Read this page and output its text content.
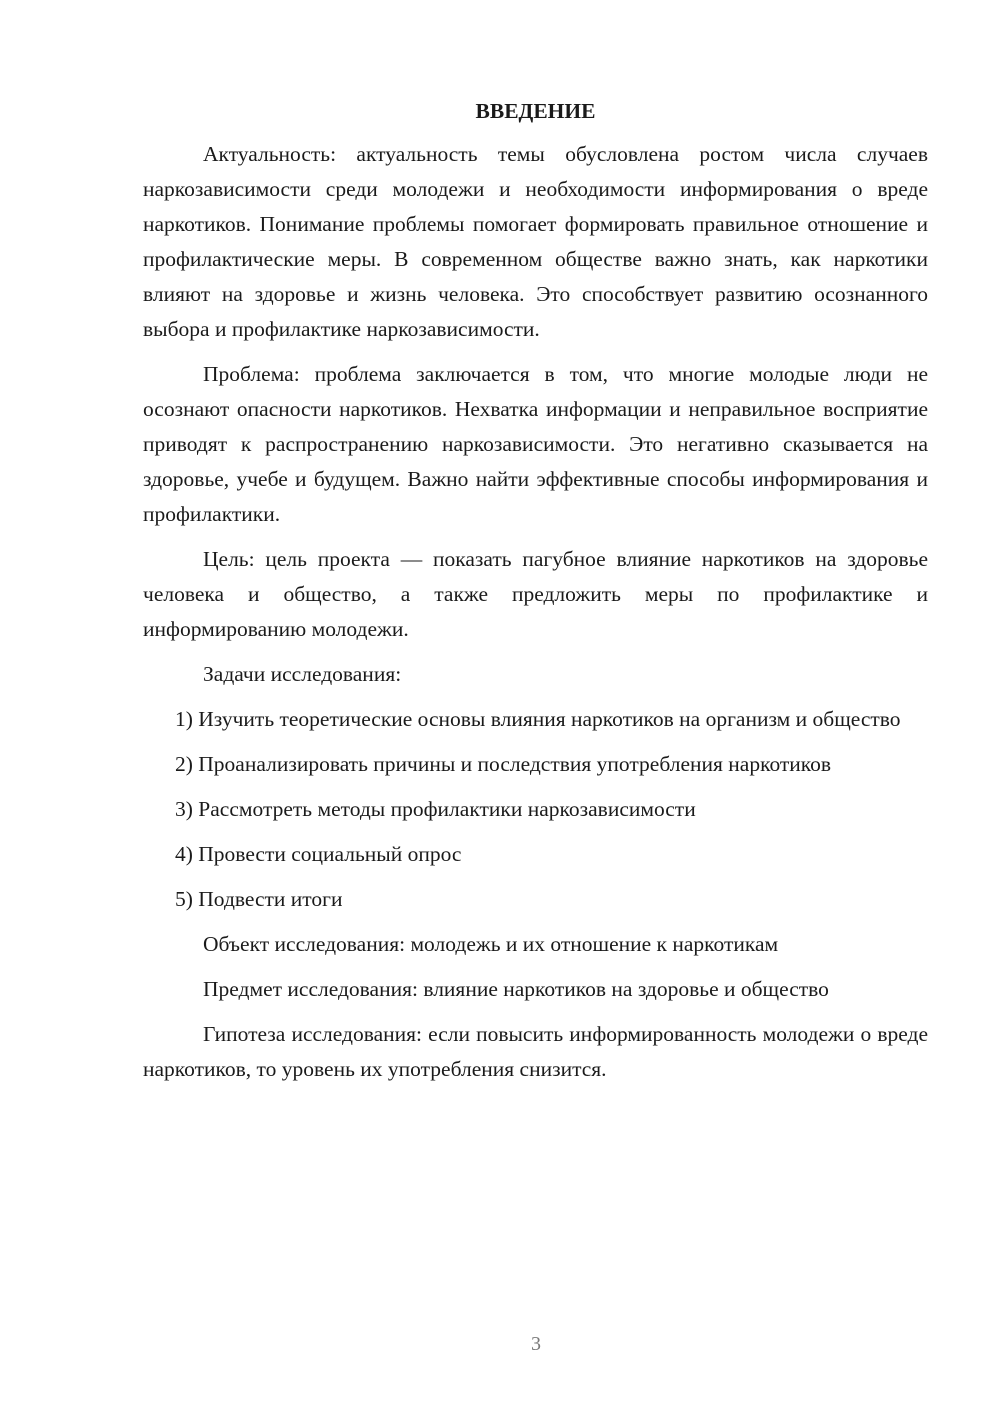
ВВЕДЕНИЕ

Актуальность: актуальность темы обусловлена ростом числа случаев наркозависимости среди молодежи и необходимости информирования о вреде наркотиков. Понимание проблемы помогает формировать правильное отношение и профилактические меры. В современном обществе важно знать, как наркотики влияют на здоровье и жизнь человека. Это способствует развитию осознанного выбора и профилактике наркозависимости.

Проблема: проблема заключается в том, что многие молодые люди не осознают опасности наркотиков. Нехватка информации и неправильное восприятие приводят к распространению наркозависимости. Это негативно сказывается на здоровье, учебе и будущем. Важно найти эффективные способы информирования и профилактики.

Цель: цель проекта — показать пагубное влияние наркотиков на здоровье человека и общество, а также предложить меры по профилактике и информированию молодежи.

Задачи исследования:

1) Изучить теоретические основы влияния наркотиков на организм и общество

2) Проанализировать причины и последствия употребления наркотиков

3) Рассмотреть методы профилактики наркозависимости

4) Провести социальный опрос

5) Подвести итоги

Объект исследования: молодежь и их отношение к наркотикам

Предмет исследования: влияние наркотиков на здоровье и общество

Гипотеза исследования: если повысить информированность молодежи о вреде наркотиков, то уровень их употребления снизится.

3
